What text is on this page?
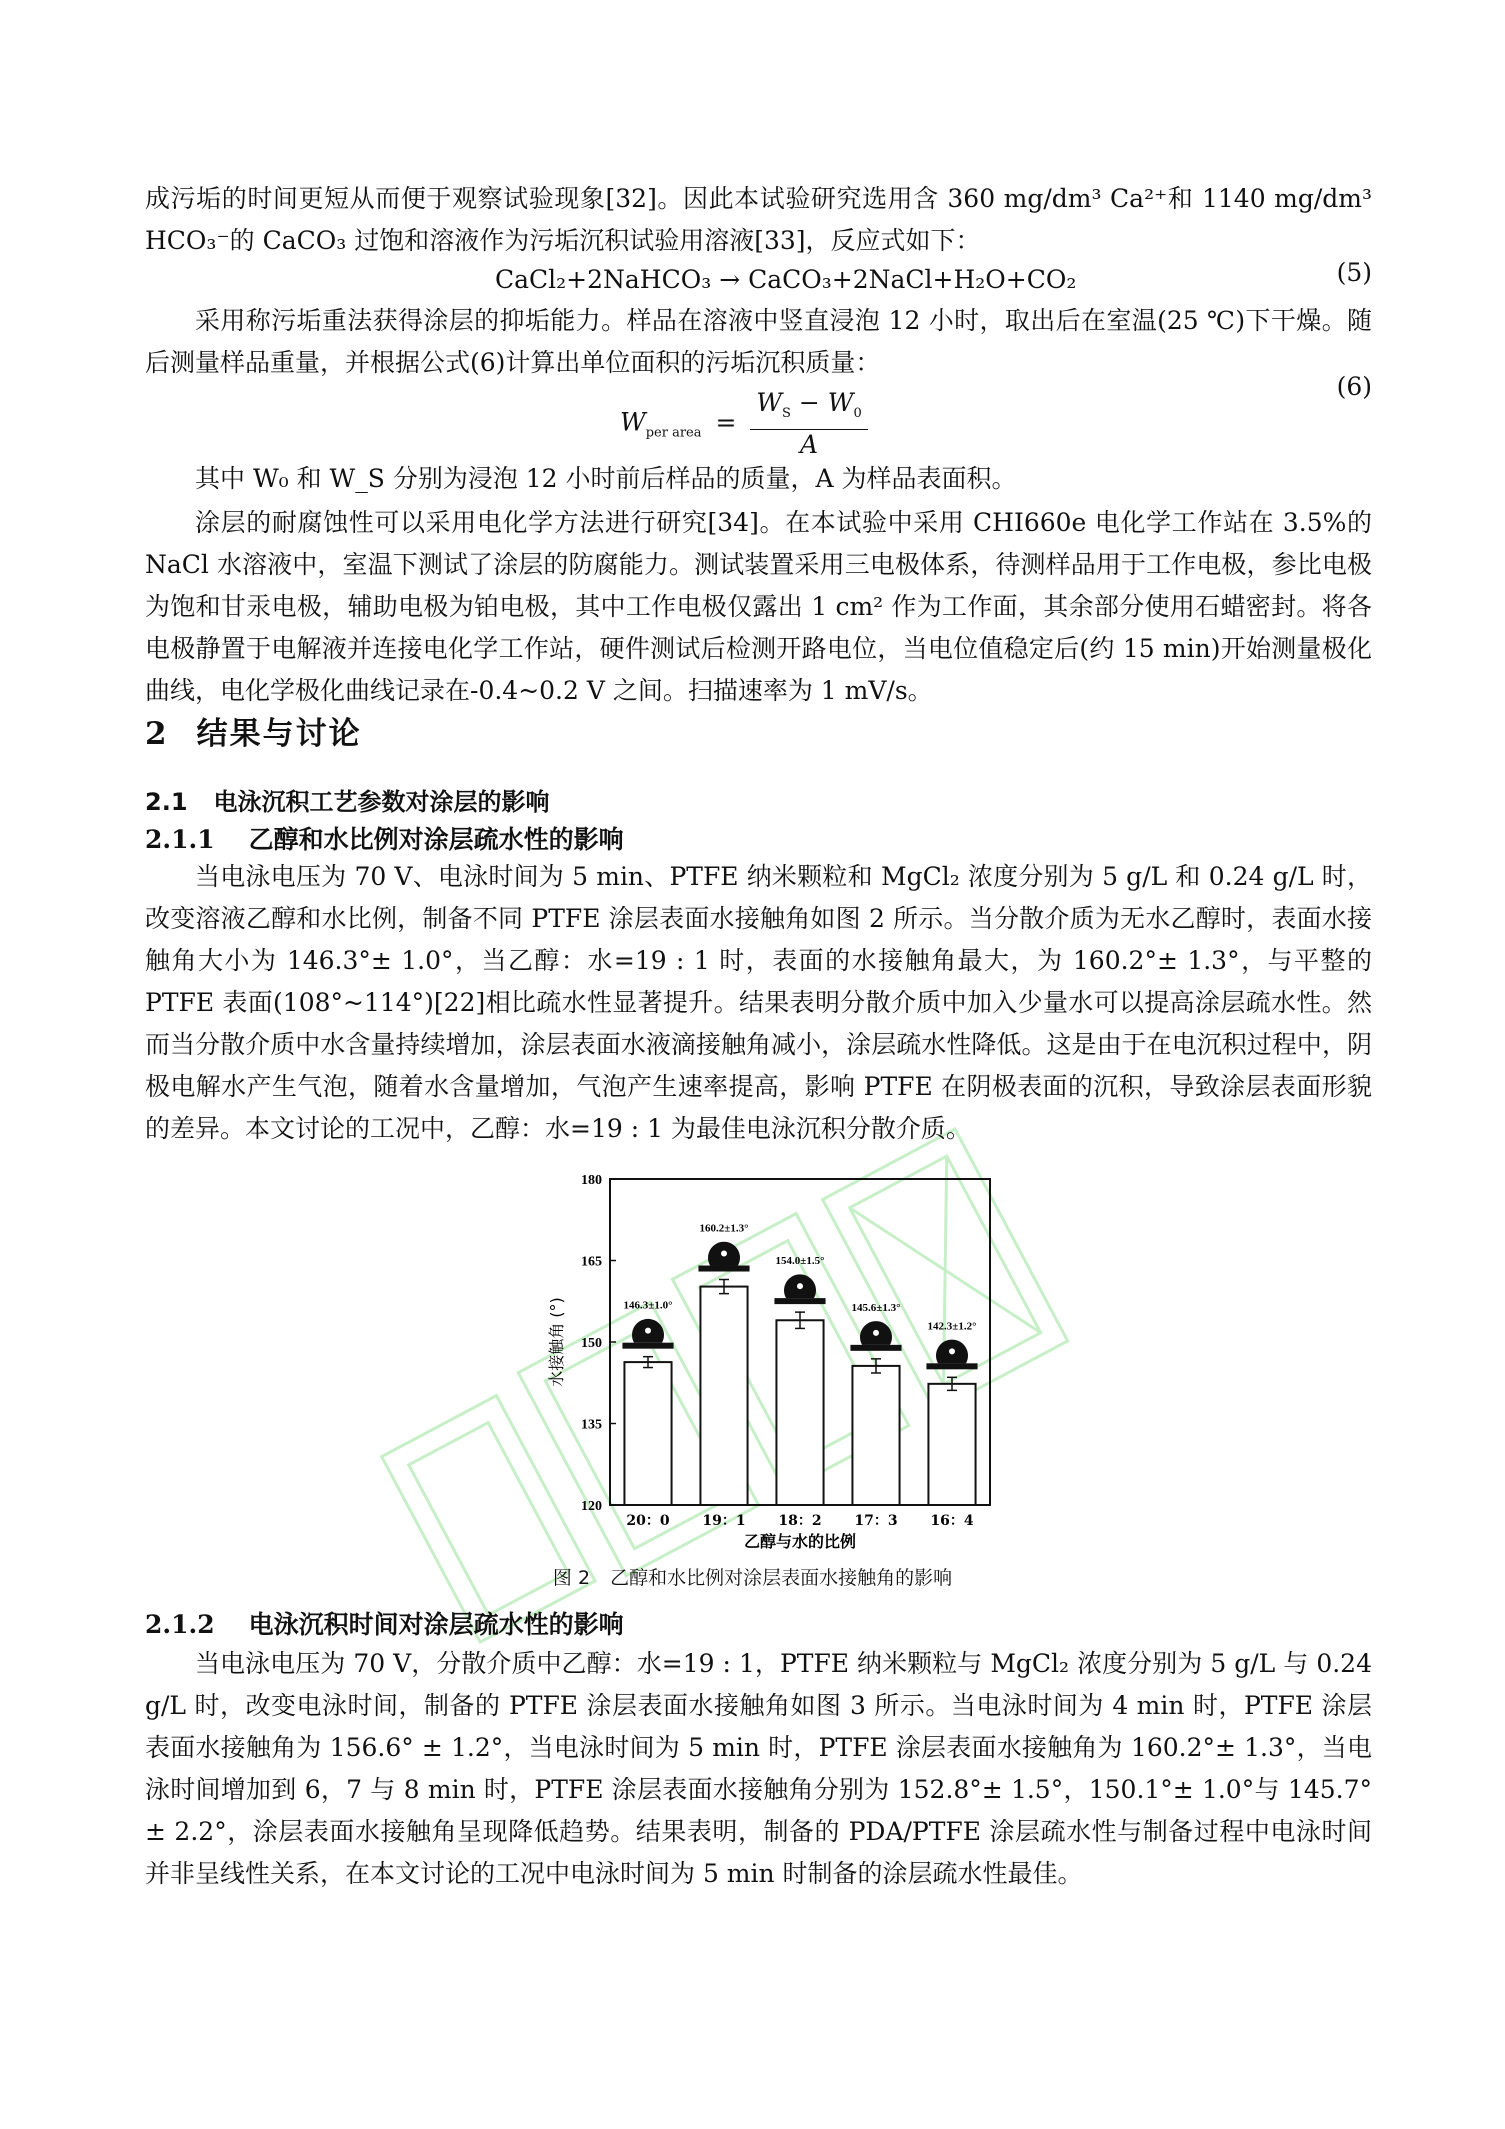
成污垢的时间更短从而便于观察试验现象[32]。因此本试验研究选用含 360 mg/dm³ Ca²⁺和 1140 mg/dm³ HCO₃⁻的 CaCO₃ 过饱和溶液作为污垢沉积试验用溶液[33]，反应式如下：

CaCl₂+2NaHCO₃ → CaCO₃+2NaCl+H₂O+CO₂	(5)

采用称污垢重法获得涂层的抑垢能力。样品在溶液中竖直浸泡 12 小时，取出后在室温(25 ℃)下干燥。随后测量样品重量，并根据公式(6)计算出单位面积的污垢沉积质量：

$W_{per area} = \frac{W_S - W_0}{A}$
(6)

其中 W₀ 和 W_S 分别为浸泡 12 小时前后样品的质量，A 为样品表面积。

涂层的耐腐蚀性可以采用电化学方法进行研究[34]。在本试验中采用 CHI660e 电化学工作站在 3.5%的 NaCl 水溶液中，室温下测试了涂层的防腐能力。测试装置采用三电极体系，待测样品用于工作电极，参比电极为饱和甘汞电极，辅助电极为铂电极，其中工作电极仅露出 1 cm² 作为工作面，其余部分使用石蜡密封。将各电极静置于电解液并连接电化学工作站，硬件测试后检测开路电位，当电位值稳定后(约 15 min)开始测量极化曲线，电化学极化曲线记录在-0.4~0.2 V 之间。扫描速率为 1 mV/s。

2 结果与讨论
2.1 电泳沉积工艺参数对涂层的影响
2.1.1 乙醇和水比例对涂层疏水性的影响

当电泳电压为 70 V、电泳时间为 5 min、PTFE 纳米颗粒和 MgCl₂ 浓度分别为 5 g/L 和 0.24 g/L 时，改变溶液乙醇和水比例，制备不同 PTFE 涂层表面水接触角如图 2 所示。当分散介质为无水乙醇时，表面水接触角大小为 146.3°± 1.0°，当乙醇：水=19 : 1 时，表面的水接触角最大，为 160.2°± 1.3°，与平整的 PTFE 表面(108°~114°)[22]相比疏水性显著提升。结果表明分散介质中加入少量水可以提高涂层疏水性。然而当分散介质中水含量持续增加，涂层表面水液滴接触角减小，涂层疏水性降低。这是由于在电沉积过程中，阴极电解水产生气泡，随着水含量增加，气泡产生速率提高，影响 PTFE 在阴极表面的沉积，导致涂层表面形貌的差异。本文讨论的工况中，乙醇：水=19 : 1 为最佳电泳沉积分散介质。

120
135
150
165
180
146.3±1.0°
20：0
160.2±1.3°
19：1
154.0±1.5°
18：2
145.6±1.3°
17：3
142.3±1.2°
16：4
乙醇与水的比例
水接触角 (°)
图 2 乙醇和水比例对涂层表面水接触角的影响
2.1.2 电泳沉积时间对涂层疏水性的影响

当电泳电压为 70 V，分散介质中乙醇：水=19 : 1，PTFE 纳米颗粒与 MgCl₂ 浓度分别为 5 g/L 与 0.24 g/L 时，改变电泳时间，制备的 PTFE 涂层表面水接触角如图 3 所示。当电泳时间为 4 min 时，PTFE 涂层表面水接触角为 156.6° ± 1.2°，当电泳时间为 5 min 时，PTFE 涂层表面水接触角为 160.2°± 1.3°，当电泳时间增加到 6，7 与 8 min 时，PTFE 涂层表面水接触角分别为 152.8°± 1.5°，150.1°± 1.0°与 145.7°± 2.2°，涂层表面水接触角呈现降低趋势。结果表明，制备的 PDA/PTFE 涂层疏水性与制备过程中电泳时间并非呈线性关系，在本文讨论的工况中电泳时间为 5 min 时制备的涂层疏水性最佳。
